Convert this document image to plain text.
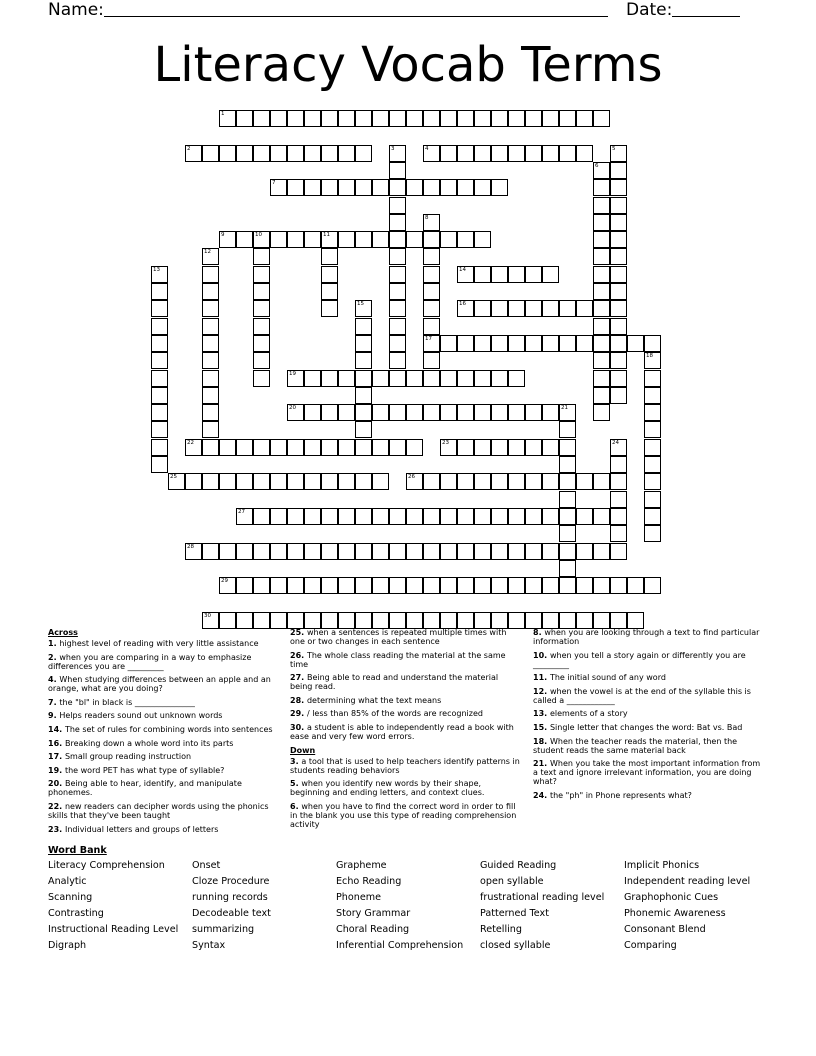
Name:	Date:
Literacy Vocab Terms
1
2	4
7
9	10	11
14
16
17
19
20	21
22	23
25	26
27
28
29
30
3	5
6
8
12
13
15
18
24
Across
1. highest level of reading with very little assistance
2. when you are comparing in a way to emphasize differences you are _________
4. When studying differences between an apple and an orange, what are you doing?
7. the "bl" in black is _______________
9. Helps readers sound out unknown words
14. The set of rules for combining words into sentences
16. Breaking down a whole word into its parts
17. Small group reading instruction
19. the word PET has what type of syllable?
20. Being able to hear, identify, and manipulate phonemes.
22. new readers can decipher words using the phonics skills that they've been taught
23. Individual letters and groups of letters
25. when a sentences is repeated multiple times with one or two changes in each sentence
26. The whole class reading the material at the same time
27. Being able to read and understand the material being read.
28. determining what the text means
29. / less than 85% of the words are recognized
30. a student is able to independently read a book with ease and very few word errors.
Down
3. a tool that is used to help teachers identify patterns in students reading behaviors
5. when you identify new words by their shape, beginning and ending letters, and context clues.
6. when you have to find the correct word in order to fill in the blank you use this type of reading comprehension activity
8. when you are looking through a text to find particular information
10. when you tell a story again or differently you are _________
11. The initial sound of any word
12. when the vowel is at the end of the syllable this is called a ____________
13. elements of a story
15. Single letter that changes the word: Bat vs. Bad
18. When the teacher reads the material, then the student reads the same material back
21. When you take the most important information from a text and ignore irrelevant information, you are doing what?
24. the "ph" in Phone represents what?
Word Bank
Literacy Comprehension	Onset	Grapheme	Guided Reading	Implicit Phonics
Analytic	Cloze Procedure	Echo Reading	open syllable	Independent reading level
Scanning	running records	Phoneme	frustrational reading level	Graphophonic Cues
Contrasting	Decodeable text	Story Grammar	Patterned Text	Phonemic Awareness
Instructional Reading Level	summarizing	Choral Reading	Retelling	Consonant Blend
Digraph	Syntax	Inferential Comprehension	closed syllable	Comparing
